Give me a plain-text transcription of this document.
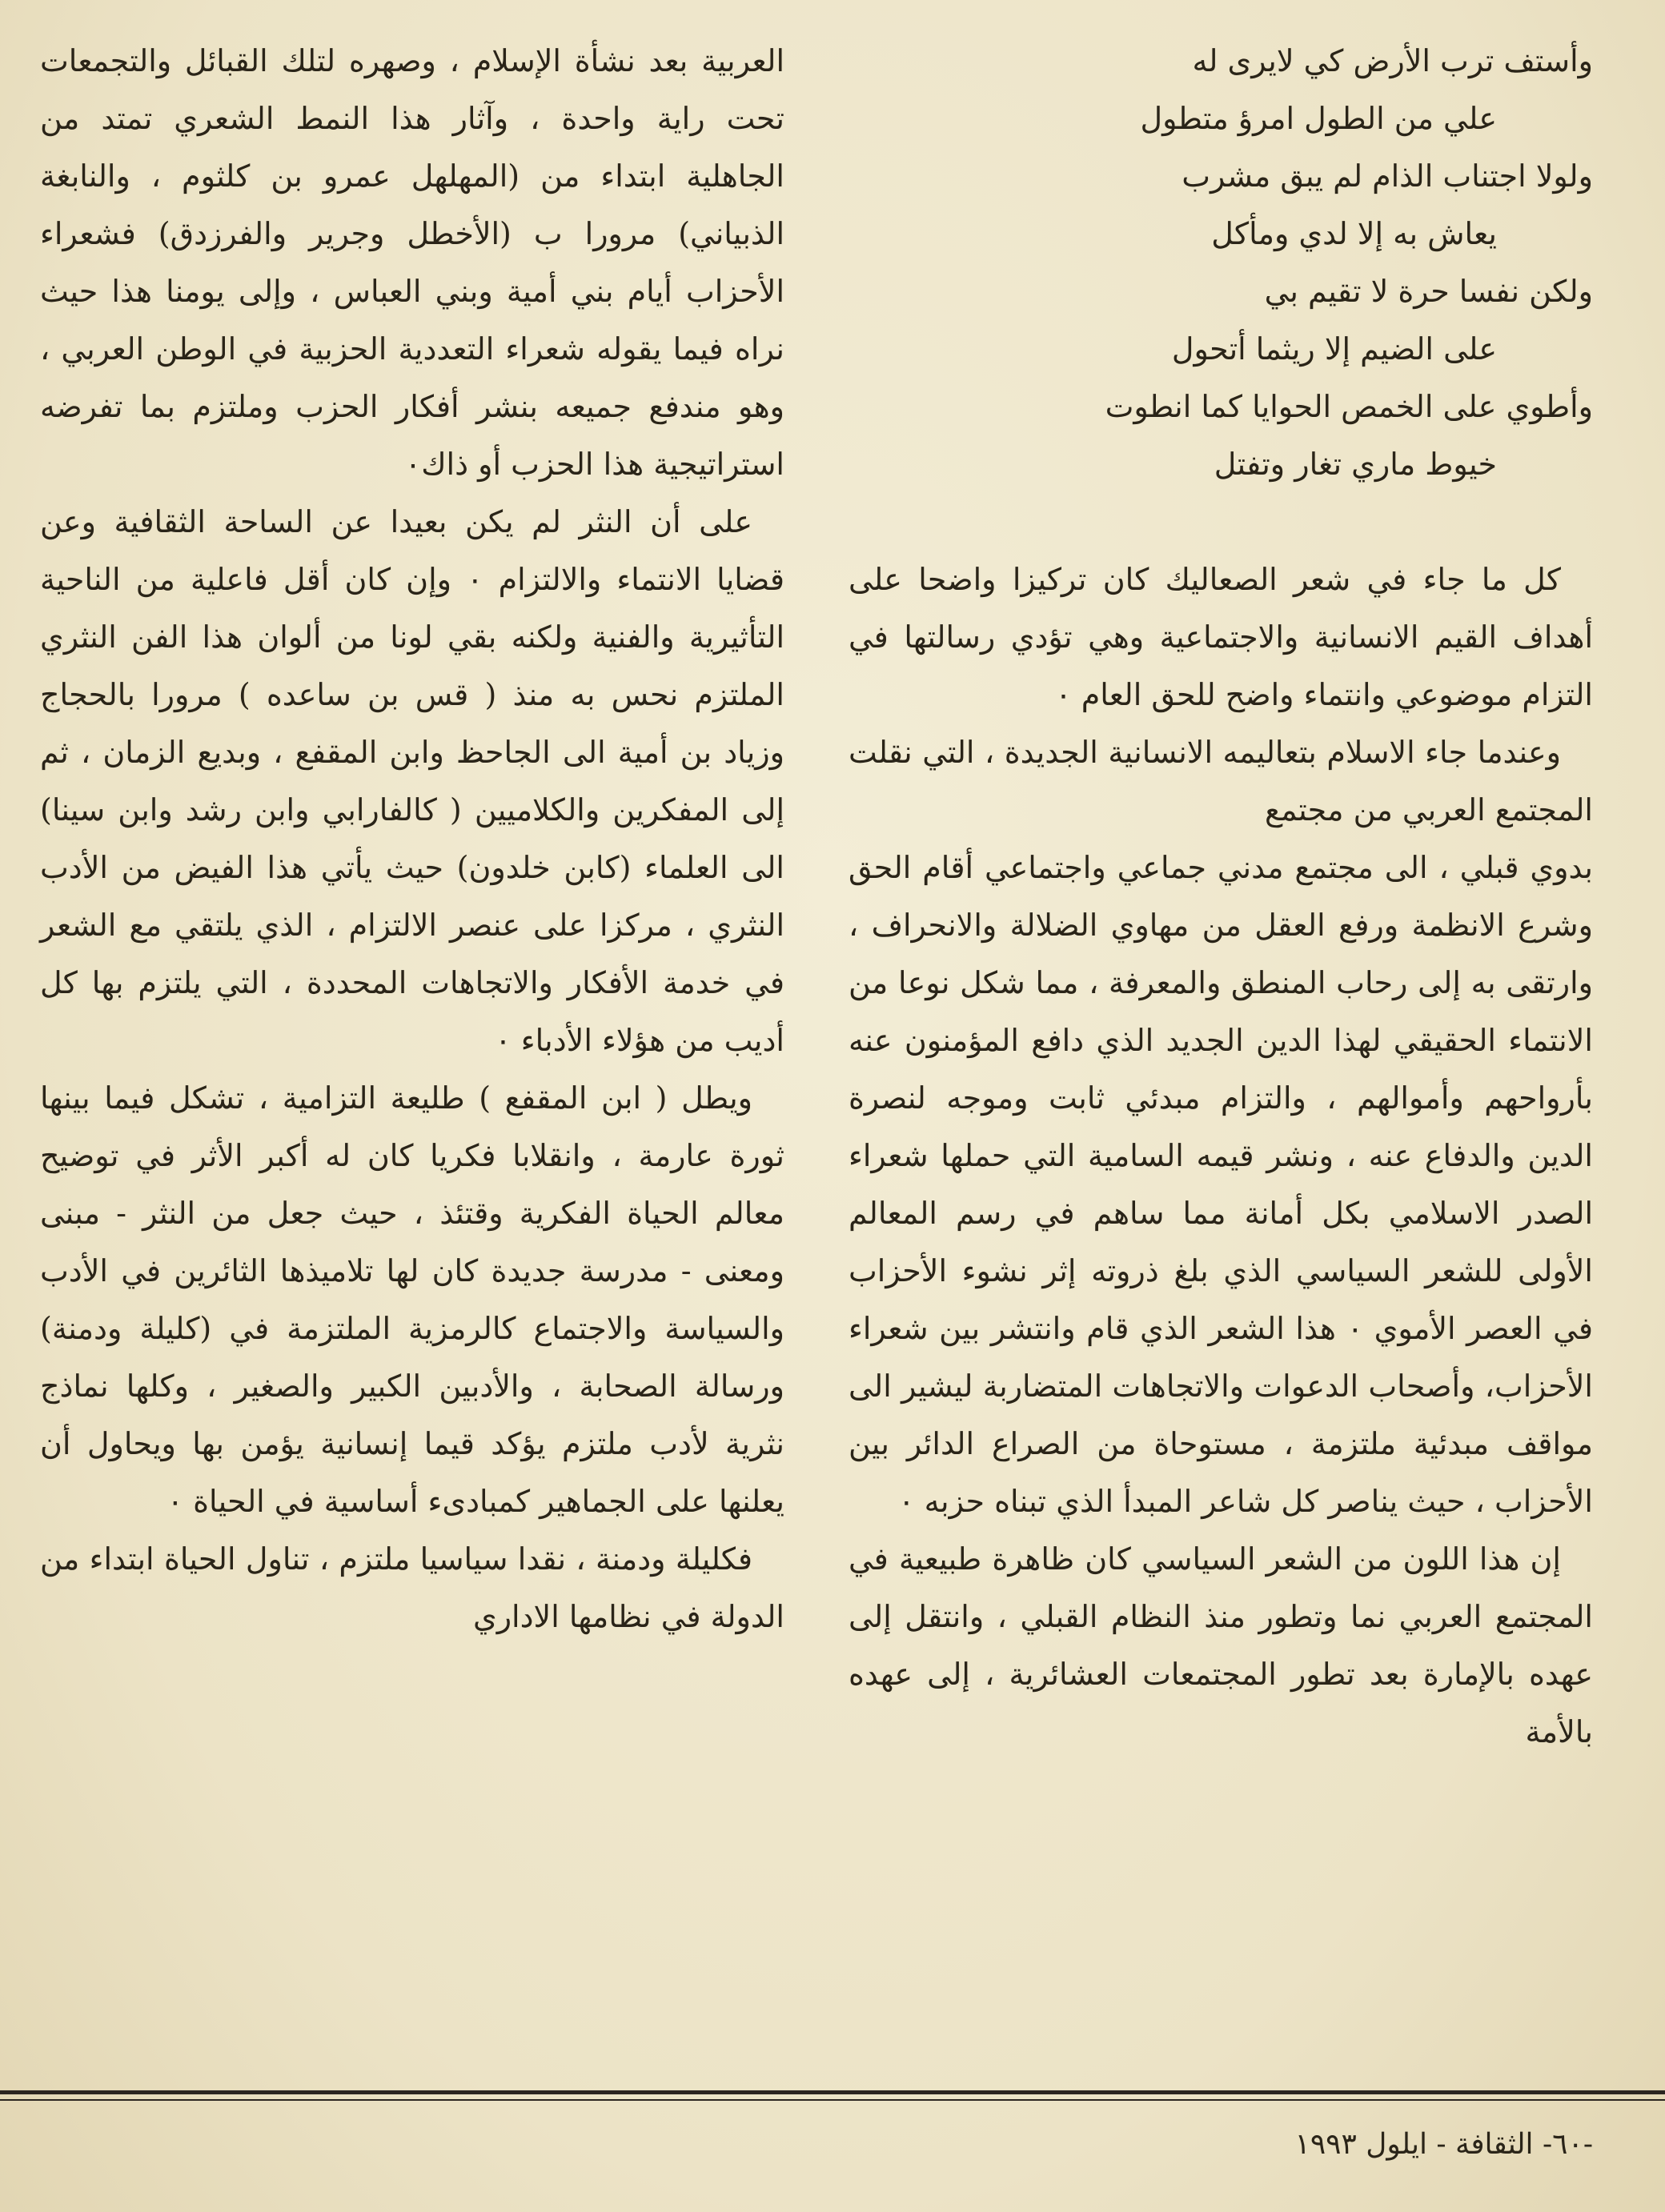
وأستف ترب الأرض كي لايرى له

علي من الطول امرؤ متطول

ولولا اجتناب الذام لم يبق مشرب

يعاش به إلا لدي ومأكل

ولكن نفسا حرة لا تقيم بي

على الضيم إلا ريثما أتحول

وأطوي على الخمص الحوايا كما انطوت

خيوط ماري تغار وتفتل

كل ما جاء في شعر الصعاليك كان تركيزا واضحا على أهداف القيم الانسانية والاجتماعية وهي تؤدي رسالتها في التزام موضوعي وانتماء واضح للحق العام ٠

وعندما جاء الاسلام بتعاليمه الانسانية الجديدة ، التي نقلت المجتمع العربي من مجتمع

بدوي قبلي ، الى مجتمع مدني جماعي واجتماعي أقام الحق وشرع الانظمة ورفع العقل من مهاوي الضلالة والانحراف ، وارتقى به إلى رحاب المنطق والمعرفة ، مما شكل نوعا من الانتماء الحقيقي لهذا الدين الجديد الذي دافع المؤمنون عنه بأرواحهم وأموالهم ، والتزام مبدئي ثابت وموجه لنصرة الدين والدفاع عنه ، ونشر قيمه السامية التي حملها شعراء الصدر الاسلامي بكل أمانة مما ساهم في رسم المعالم الأولى للشعر السياسي الذي بلغ ذروته إثر نشوء الأحزاب في العصر الأموي ٠ هذا الشعر الذي قام وانتشر بين شعراء الأحزاب، وأصحاب الدعوات والاتجاهات المتضاربة ليشير الى مواقف مبدئية ملتزمة ، مستوحاة من الصراع الدائر بين الأحزاب ، حيث يناصر كل شاعر المبدأ الذي تبناه حزبه ٠

إن هذا اللون من الشعر السياسي كان ظاهرة طبيعية في المجتمع العربي نما وتطور منذ النظام القبلي ، وانتقل إلى عهده بالإمارة بعد تطور المجتمعات العشائرية ، إلى عهده بالأمة

العربية بعد نشأة الإسلام ، وصهره لتلك القبائل والتجمعات تحت راية واحدة ، وآثار هذا النمط الشعري تمتد من الجاهلية ابتداء من (المهلهل عمرو بن كلثوم ، والنابغة الذبياني) مرورا ب (الأخطل وجرير والفرزدق) فشعراء الأحزاب أيام بني أمية وبني العباس ، وإلى يومنا هذا حيث نراه فيما يقوله شعراء التعددية الحزبية في الوطن العربي ، وهو مندفع جميعه بنشر أفكار الحزب وملتزم بما تفرضه استراتيجية هذا الحزب أو ذاك٠

على أن النثر لم يكن بعيدا عن الساحة الثقافية وعن قضايا الانتماء والالتزام ٠ وإن كان أقل فاعلية من الناحية التأثيرية والفنية ولكنه بقي لونا من ألوان هذا الفن النثري الملتزم نحس به منذ ( قس بن ساعده ) مرورا بالحجاج وزياد بن أمية الى الجاحظ وابن المقفع ، وبديع الزمان ، ثم إلى المفكرين والكلاميين ( كالفارابي وابن رشد وابن سينا) الى العلماء (كابن خلدون) حيث يأتي هذا الفيض من الأدب النثري ، مركزا على عنصر الالتزام ، الذي يلتقي مع الشعر في خدمة الأفكار والاتجاهات المحددة ، التي يلتزم بها كل أديب من هؤلاء الأدباء ٠

ويطل ( ابن المقفع ) طليعة التزامية ، تشكل فيما بينها ثورة عارمة ، وانقلابا فكريا كان له أكبر الأثر في توضيح معالم الحياة الفكرية وقتئذ ، حيث جعل من النثر - مبنى ومعنى - مدرسة جديدة كان لها تلاميذها الثائرين في الأدب والسياسة والاجتماع كالرمزية الملتزمة في (كليلة ودمنة) ورسالة الصحابة ، والأدبين الكبير والصغير ، وكلها نماذج نثرية لأدب ملتزم يؤكد قيما إنسانية يؤمن بها ويحاول أن يعلنها على الجماهير كمبادىء أساسية في الحياة ٠

فكليلة ودمنة ، نقدا سياسيا ملتزم ، تناول الحياة ابتداء من الدولة في نظامها الاداري

-٦٠- الثقافة - ايلول ١٩٩٣
